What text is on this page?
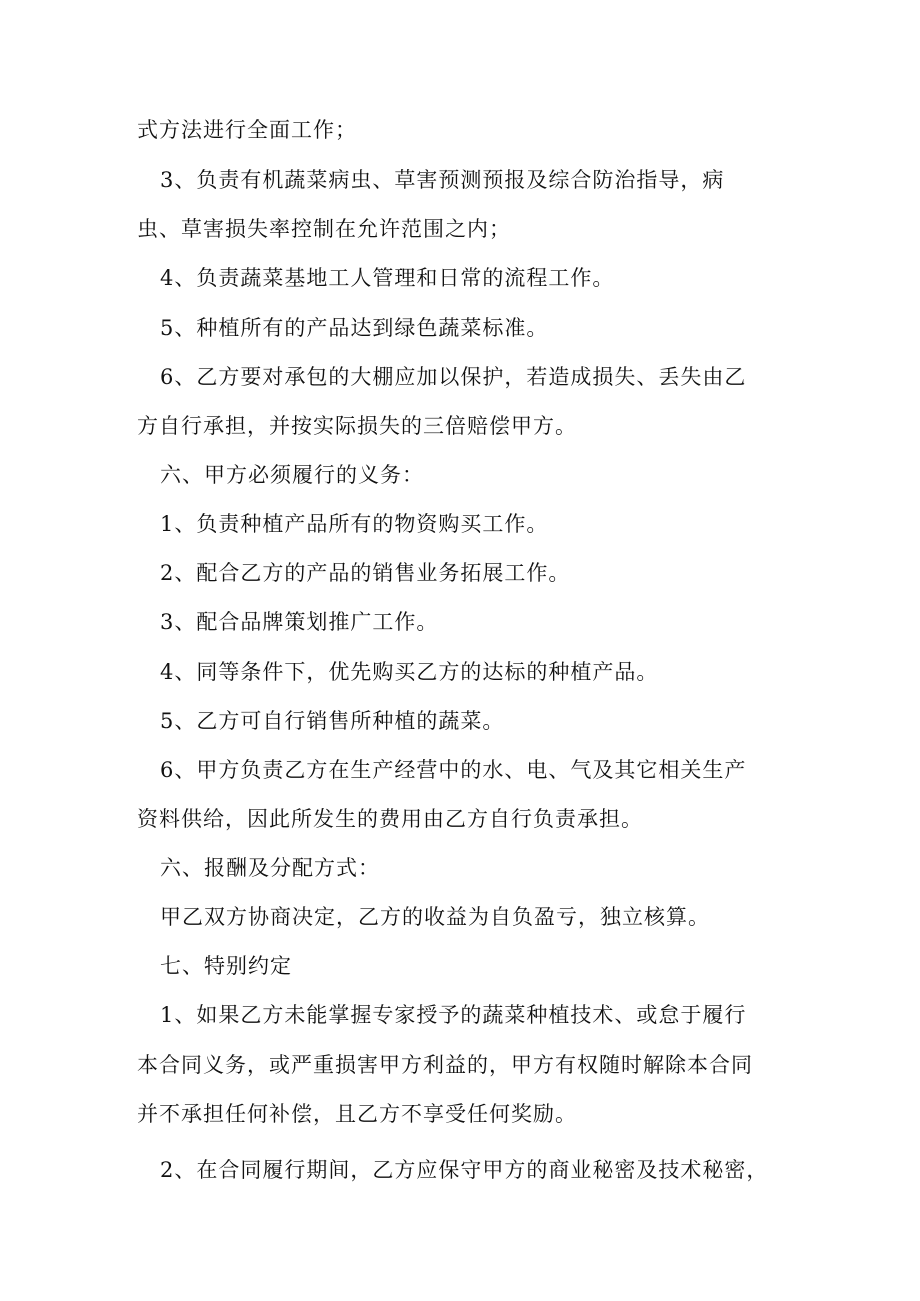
式方法进行全面工作；
3、负责有机蔬菜病虫、草害预测预报及综合防治指导，病
虫、草害损失率控制在允许范围之内；
4、负责蔬菜基地工人管理和日常的流程工作。
5、种植所有的产品达到绿色蔬菜标准。
6、乙方要对承包的大棚应加以保护，若造成损失、丢失由乙
方自行承担，并按实际损失的三倍赔偿甲方。
六、甲方必须履行的义务：
1、负责种植产品所有的物资购买工作。
2、配合乙方的产品的销售业务拓展工作。
3、配合品牌策划推广工作。
4、同等条件下，优先购买乙方的达标的种植产品。
5、乙方可自行销售所种植的蔬菜。
6、甲方负责乙方在生产经营中的水、电、气及其它相关生产
资料供给，因此所发生的费用由乙方自行负责承担。
六、报酬及分配方式：
甲乙双方协商决定，乙方的收益为自负盈亏，独立核算。
七、特别约定
1、如果乙方未能掌握专家授予的蔬菜种植技术、或怠于履行
本合同义务，或严重损害甲方利益的，甲方有权随时解除本合同
并不承担任何补偿，且乙方不享受任何奖励。
2、在合同履行期间，乙方应保守甲方的商业秘密及技术秘密，
